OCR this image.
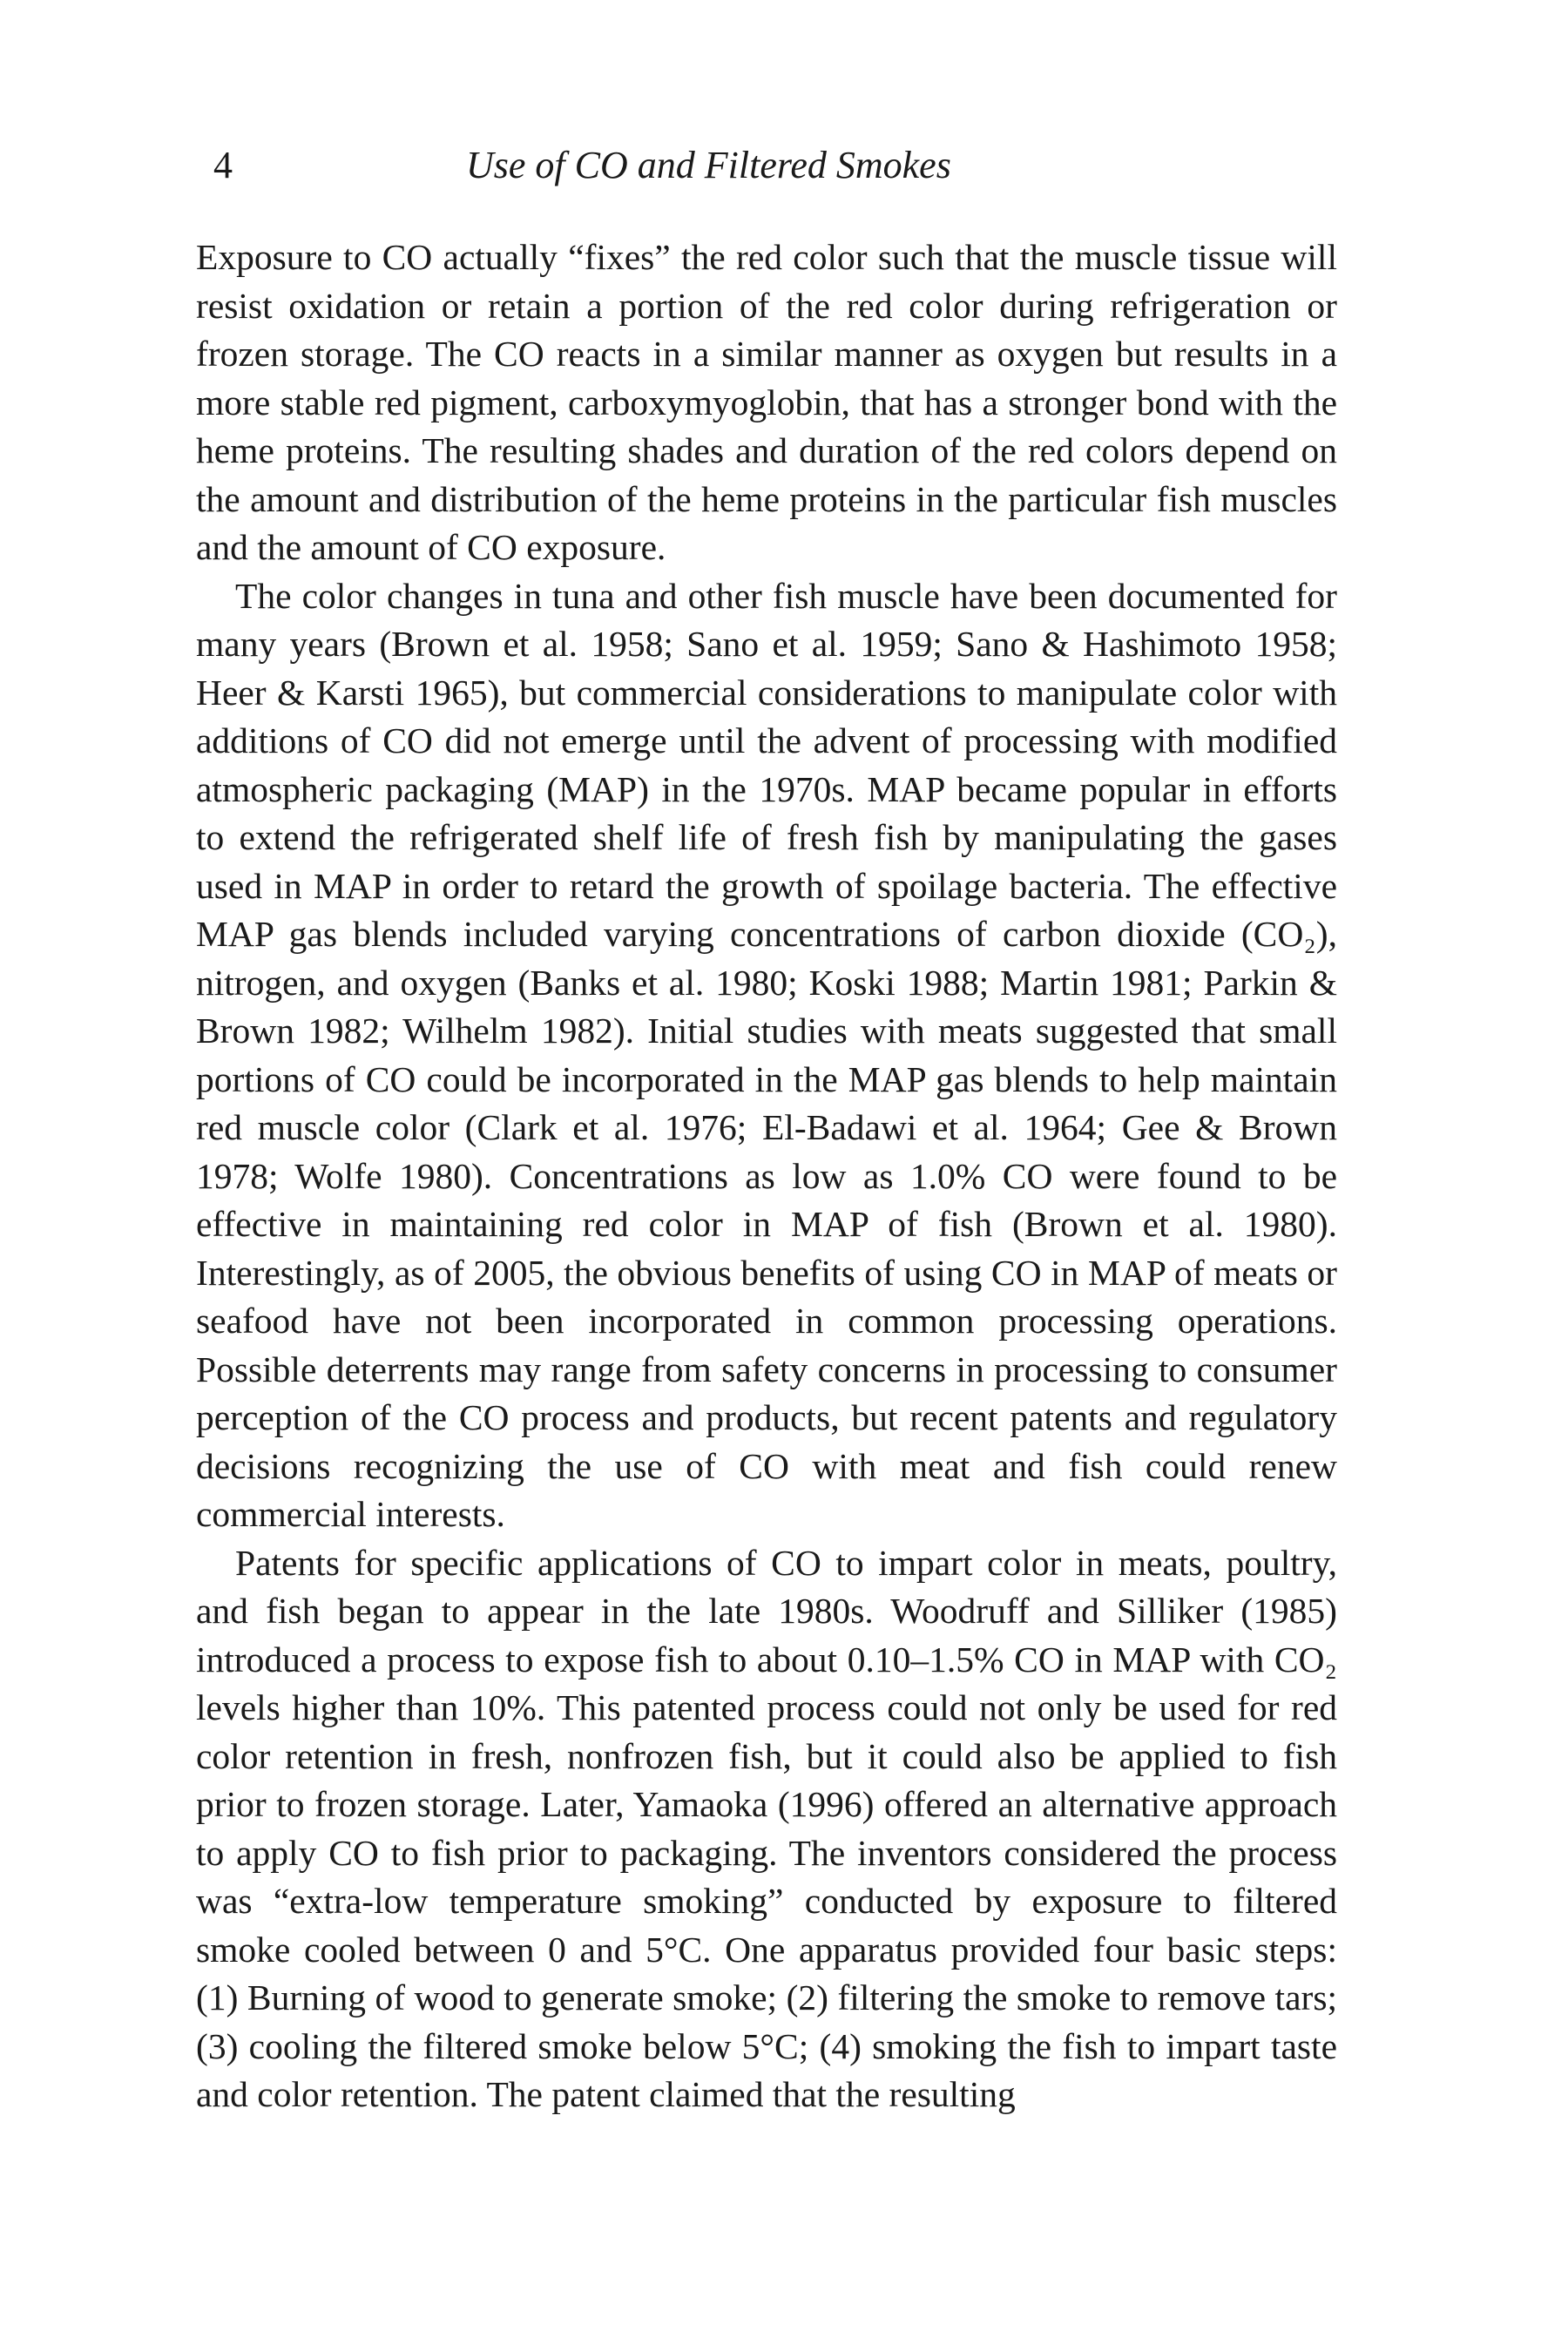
4	Use of CO and Filtered Smokes

Exposure to CO actually “fixes” the red color such that the muscle tissue will resist oxidation or retain a portion of the red color during refrigeration or frozen storage. The CO reacts in a similar manner as oxygen but results in a more stable red pigment, carboxymyoglobin, that has a stronger bond with the heme proteins. The resulting shades and duration of the red colors depend on the amount and distribution of the heme proteins in the particular fish muscles and the amount of CO exposure.

The color changes in tuna and other fish muscle have been documented for many years (Brown et al. 1958; Sano et al. 1959; Sano & Hashimoto 1958; Heer & Karsti 1965), but commercial considerations to manipulate color with additions of CO did not emerge until the advent of processing with modified atmospheric packaging (MAP) in the 1970s. MAP became popular in efforts to extend the refrigerated shelf life of fresh fish by manipulating the gases used in MAP in order to retard the growth of spoilage bacteria. The effective MAP gas blends included varying concentrations of carbon dioxide (CO₂), nitrogen, and oxygen (Banks et al. 1980; Koski 1988; Martin 1981; Parkin & Brown 1982; Wilhelm 1982). Initial studies with meats suggested that small portions of CO could be incorporated in the MAP gas blends to help maintain red muscle color (Clark et al. 1976; El-Badawi et al. 1964; Gee & Brown 1978; Wolfe 1980). Concentrations as low as 1.0% CO were found to be effective in maintaining red color in MAP of fish (Brown et al. 1980). Interestingly, as of 2005, the obvious benefits of using CO in MAP of meats or seafood have not been incorporated in common processing operations. Possible deterrents may range from safety concerns in processing to consumer perception of the CO process and products, but recent patents and regulatory decisions recognizing the use of CO with meat and fish could renew commercial interests.

Patents for specific applications of CO to impart color in meats, poultry, and fish began to appear in the late 1980s. Woodruff and Silliker (1985) introduced a process to expose fish to about 0.10–1.5% CO in MAP with CO₂ levels higher than 10%. This patented process could not only be used for red color retention in fresh, nonfrozen fish, but it could also be applied to fish prior to frozen storage. Later, Yamaoka (1996) offered an alternative approach to apply CO to fish prior to packaging. The inventors considered the process was “extra-low temperature smoking” conducted by exposure to filtered smoke cooled between 0 and 5°C. One apparatus provided four basic steps: (1) Burning of wood to generate smoke; (2) filtering the smoke to remove tars; (3) cooling the filtered smoke below 5°C; (4) smoking the fish to impart taste and color retention. The patent claimed that the resulting
